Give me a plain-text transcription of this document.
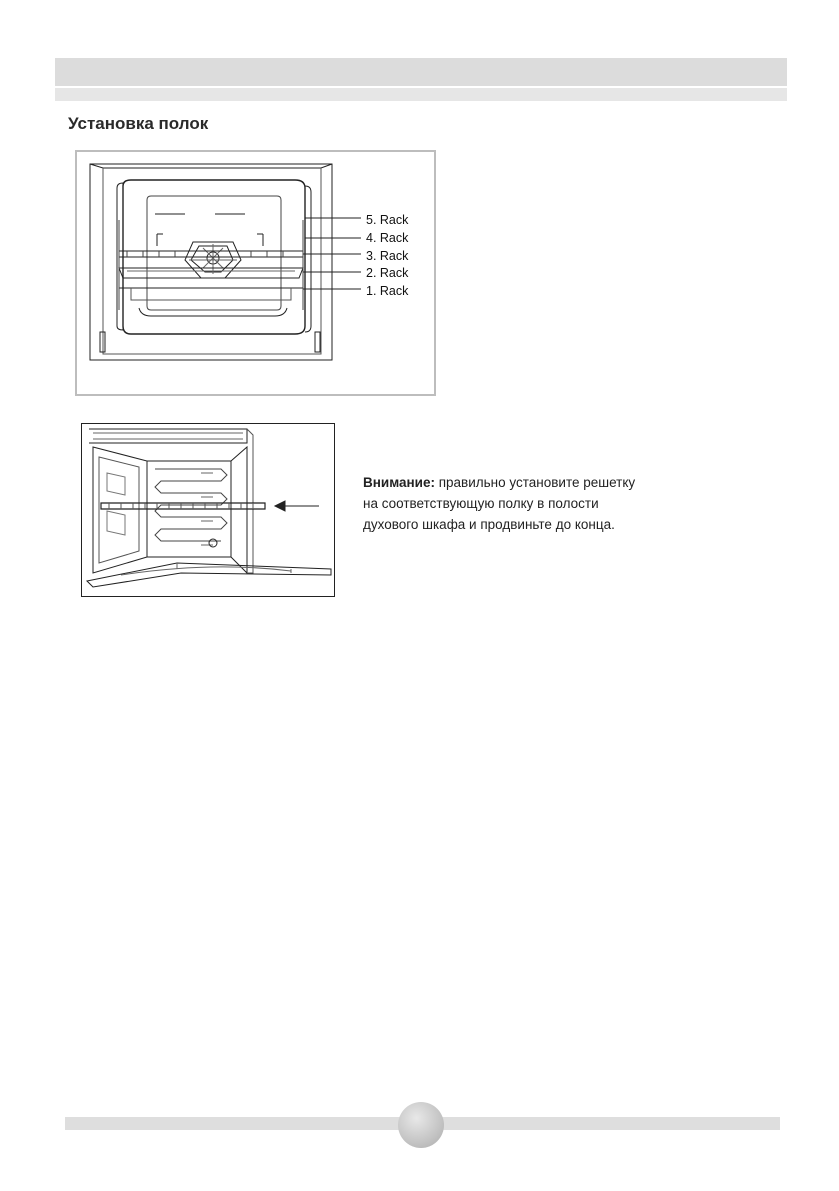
Установка полок
5. Rack
4. Rack
3. Rack
2. Rack
1. Rack
Внимание: правильно установите решетку на соответствующую полку в полости духового шкафа и продвиньте до конца.
